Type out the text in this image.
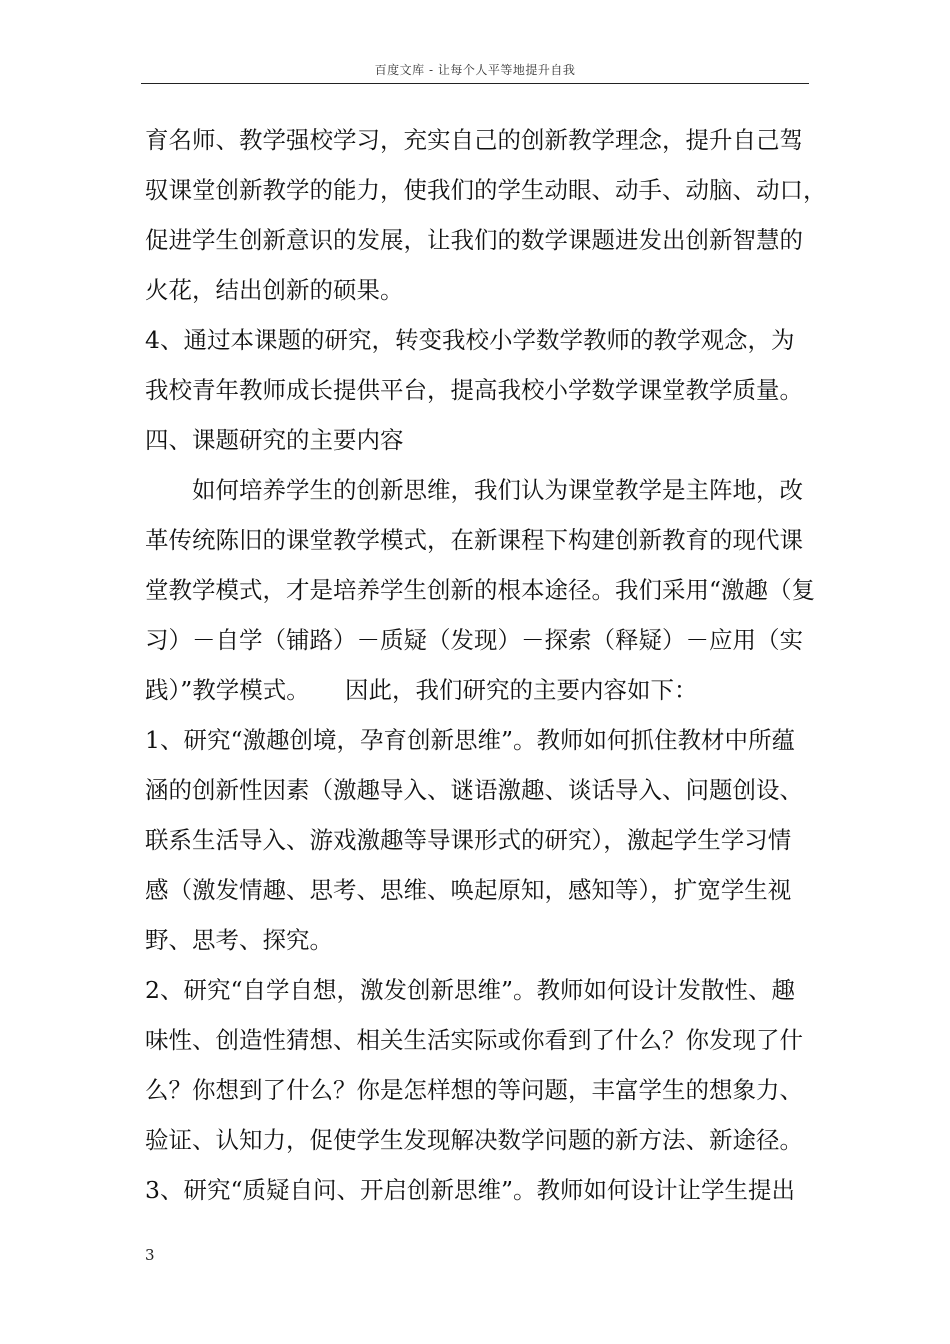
百度文库 - 让每个人平等地提升自我
育名师、教学强校学习，充实自己的创新教学理念，提升自己驾
驭课堂创新教学的能力，使我们的学生动眼、动手、动脑、动口，
促进学生创新意识的发展，让我们的数学课题进发出创新智慧的
火花，结出创新的硕果。
4、通过本课题的研究，转变我校小学数学教师的教学观念，为
我校青年教师成长提供平台，提高我校小学数学课堂教学质量。
四、课题研究的主要内容
　　如何培养学生的创新思维，我们认为课堂教学是主阵地，改
革传统陈旧的课堂教学模式，在新课程下构建创新教育的现代课
堂教学模式，才是培养学生创新的根本途径。我们采用“激趣（复
习）－自学（铺路）－质疑（发现）－探索（释疑）－应用（实
践）”教学模式。　　因此，我们研究的主要内容如下：
1、研究“激趣创境，孕育创新思维”。教师如何抓住教材中所蕴
涵的创新性因素（激趣导入、谜语激趣、谈话导入、问题创设、
联系生活导入、游戏激趣等导课形式的研究），激起学生学习情
感（激发情趣、思考、思维、唤起原知，感知等），扩宽学生视
野、思考、探究。
2、研究“自学自想，激发创新思维”。教师如何设计发散性、趣
味性、创造性猜想、相关生活实际或你看到了什么？你发现了什
么？你想到了什么？你是怎样想的等问题，丰富学生的想象力、
验证、认知力，促使学生发现解决数学问题的新方法、新途径。
3、研究“质疑自问、开启创新思维”。教师如何设计让学生提出
3
